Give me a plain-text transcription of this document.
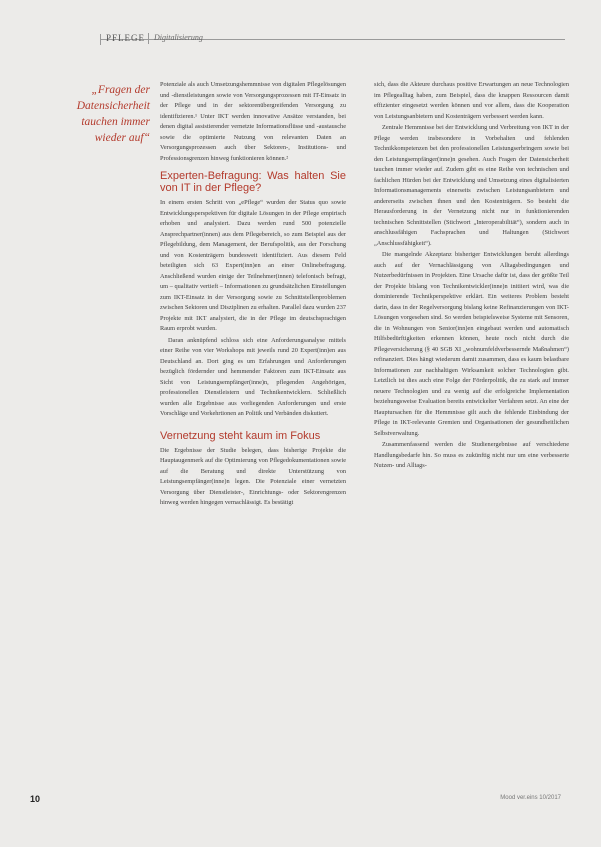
PFLEGE Digitalisierung

„Fragen der Datensicherheit tauchen immer wieder auf“

Potenziale als auch Umsetzungshemmnisse von digitalen Pflegelösungen und -dienstleistungen sowie von Versorgungsprozessen mit IT-Einsatz in der Pflege und in der sektorenübergreifenden Versorgung zu identifizieren.¹ Unter IKT werden innovative Ansätze verstanden, bei denen digital assistierender vernetzte Informationsflüsse und -austausche sowie die optimierte Nutzung von relevanten Daten an Versorgungsprozessen auch über Sektoren-, Institutions- und Professionsgrenzen hinweg funktionieren können.²

Experten-Befragung: Was halten Sie von IT in der Pflege?

In einem ersten Schritt von „ePflege“ wurden der Status quo sowie Entwicklungsperspektiven für digitale Lösungen in der Pflege empirisch erhoben und analysiert. Dazu werden rund 500 potenzielle Ansprechpartner(innen) aus dem Pflegebereich, so zum Beispiel aus der Pflegebildung, dem Management, der Berufspolitik, aus der Forschung und von Kostenträgern bundesweit identifiziert. Aus diesem Feld beteiligten sich 63 Expert(inn)en an einer Onlinebefragung. Anschließend wurden einige der Teilnehmer(innen) telefonisch befragt, um – qualitativ vertieft – Informationen zu grundsätzlichen Einstellungen zum IKT-Einsatz in der Versorgung sowie zu Schnittstellenproblemen zwischen Sektoren und Disziplinen zu erhalten. Parallel dazu wurden 237 Projekte mit IKT analysiert, die in der Pflege im deutschsprachigen Raum erprobt wurden.

Daran anknüpfend schloss sich eine Anforderungsanalyse mittels einer Reihe von vier Workshops mit jeweils rund 20 Expert(inn)en aus Deutschland an. Dort ging es um Erfahrungen und Anforderungen bezüglich fördernder und hemmender Faktoren zum IKT-Einsatz aus Sicht von Leistungsempfänger(inne)n, pflegenden Angehörigen, professionellen Dienstleistern und Technikentwicklern. Schließlich wurden alle Ergebnisse aus vorliegenden Anforderungen und erste Vorschläge und Vorkehrtionen an Politik und Verbänden diskutiert.

Vernetzung steht kaum im Fokus

Die Ergebnisse der Studie belegen, dass bisherige Projekte die Hauptaugenmerk auf die Optimierung von Pflegedokumentationen sowie auf die Beratung und direkte Unterstützung von Leistungsempfänger(inne)n legen. Die Potenziale einer vernetzten Versorgung über Dienstleister-, Einrichtungs- oder Sektorengrenzen hinweg werden hingegen vernachlässigt. Es bestätigt

sich, dass die Akteure durchaus positive Erwartungen an neue Technologien im Pflegealltag haben, zum Beispiel, dass die knappen Ressourcen damit effizienter eingesetzt werden können und vor allem, dass die Kooperation von Leistungsanbietern und Kostenträgern verbessert werden kann.

Zentrale Hemmnisse bei der Entwicklung und Verbreitung von IKT in der Pflege werden insbesondere in Vorbehalten und fehlenden Technikkompetenzen bei den professionellen Leistungserbringern sowie bei den Leistungsempfänger(inne)n gesehen. Auch Fragen der Datensicherheit tauchen immer wieder auf. Zudem gibt es eine Reihe von technischen und fachlichen Hürden bei der Entwicklung und Umsetzung eines digitalisierten Informationsmanagements einerseits zwischen Leistungsanbietern und andererseits zwischen ihnen und den Kostenträgern. So besteht die Herausforderung in der Vernetzung nicht nur in funktionierenden technischen Schnittstellen (Stichwort „Interoperabilität“), sondern auch in anschlussfähigen Fachsprachen und Haltungen (Stichwort „Anschlussfähigkeit“).

Die mangelnde Akzeptanz bisheriger Entwicklungen beruht allerdings auch auf der Vernachlässigung von Alltagsbedingungen und Nutzerbedürfnissen in Projekten. Eine Ursache dafür ist, dass der größte Teil der Projekte bislang von Technikentwickler(inne)n initiiert wird, was die dominierende Technikperspektive erklärt. Ein weiteres Problem besteht darin, dass in der Regelversorgung bislang keine Refinanzierungen von IKT-Lösungen vorgesehen sind. So werden beispielsweise Systeme mit Sensoren, die in Wohnungen von Senior(inn)en eingebaut werden und automatisch Hilfsbedürftigkeiten erkennen können, heute noch nicht durch die Pflegeversicherung (§ 40 SGB XI „wohnumfeldverbessernde Maßnahmen“) refinanziert. Dies hängt wiederum damit zusammen, dass es kaum belastbare Informationen zur nachhaltigen Wirksamkeit solcher Technologien gibt. Letztlich ist dies auch eine Folge der Förderpolitik, die zu stark auf immer neuere Technologien und zu wenig auf die erfolgreiche Implementation beziehungsweise Evaluation bereits entwickelter Verfahren setzt. An eine der Hauptursachen für die Hemmnisse gilt auch die fehlende Einbindung der Pflege in IKT-relevante Gremien und Organisationen der gesundheitlichen Selbstverwaltung.

Zusammenfassend werden die Studienergebnisse auf verschiedene Handlungsbedarfe hin. So muss es zukünftig nicht nur um eine verbesserte Nutzen- und Alltags-

10	Mood ver.eins 10/2017
